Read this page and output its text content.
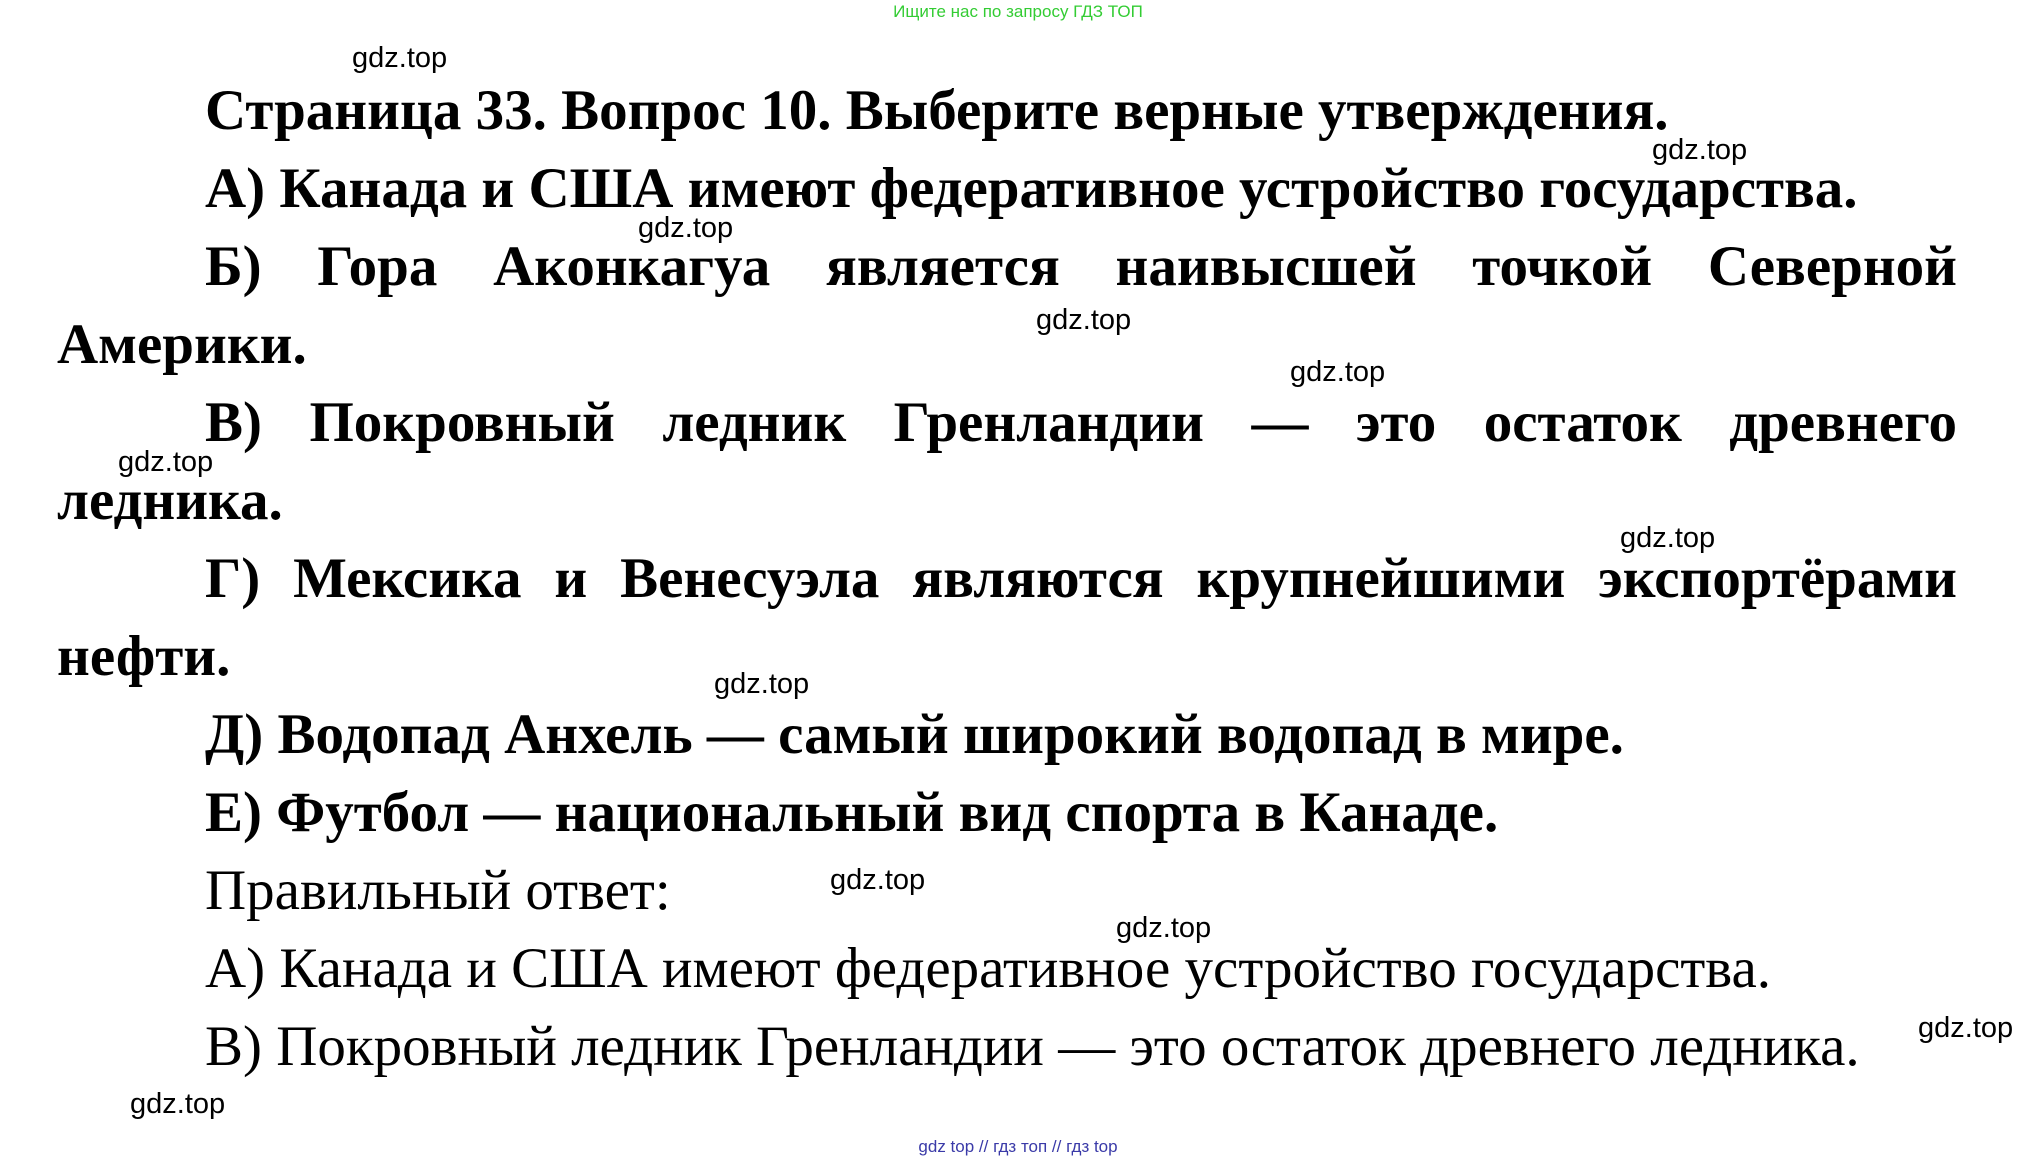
Ищите нас по запросу ГДЗ ТОП
Страница 33. Вопрос 10. Выберите верные утверждения.
А) Канада и США имеют федеративное устройство государства.
Б) Гора Аконкагуа является наивысшей точкой Северной
Америки.
В) Покровный ледник Гренландии — это остаток древнего
ледника.
Г) Мексика и Венесуэла являются крупнейшими экспортёрами
нефти.
Д) Водопад Анхель — самый широкий водопад в мире.
Е) Футбол — национальный вид спорта в Канаде.
Правильный ответ:
А) Канада и США имеют федеративное устройство государства.
В) Покровный ледник Гренландии — это остаток древнего ледника.
gdz.top
gdz.top
gdz.top
gdz.top
gdz.top
gdz.top
gdz.top
gdz.top
gdz.top
gdz.top
gdz.top
gdz.top
gdz top // гдз топ // гдз top
